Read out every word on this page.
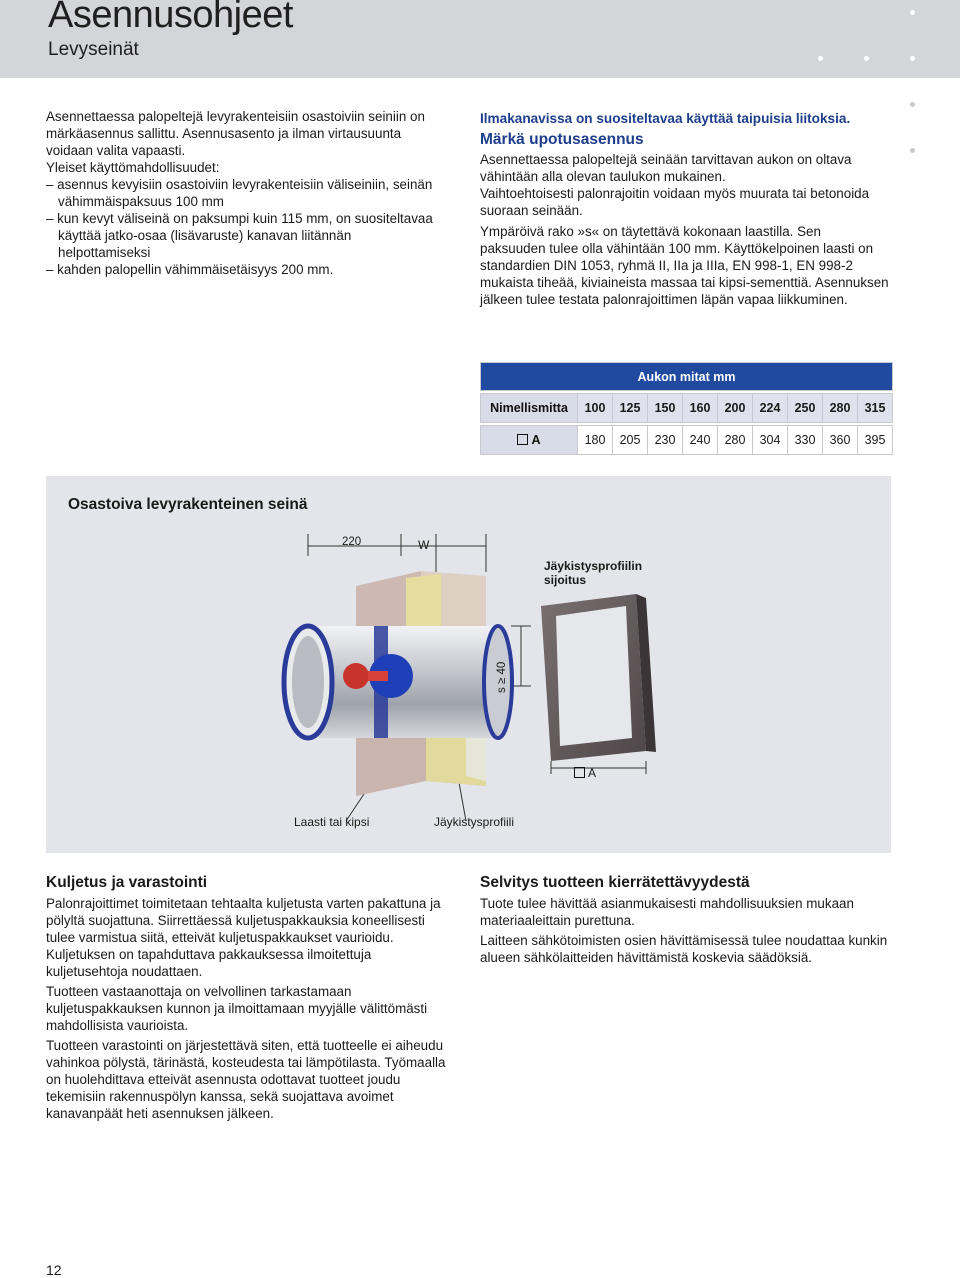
Asennusohjeet
Levyseinät

Asennettaessa palopeltejä levyrakenteisiin osastoiviin seiniin on märkäasennus sallittu. Asennusasento ja ilman virtausuunta voidaan valita vapaasti.

Yleiset käyttömahdollisuudet:

– asennus kevyisiin osastoiviin levyrakenteisiin väliseiniin, seinän vähimmäispaksuus 100 mm

– kun kevyt väliseinä on paksumpi kuin 115 mm, on suositeltavaa käyttää jatko-osaa (lisävaruste) kanavan liitännän helpottamiseksi

– kahden palopellin vähimmäisetäisyys 200 mm.

Ilmakanavissa on suositeltavaa käyttää taipuisia liitoksia.

Märkä upotusasennus

Asennettaessa palopeltejä seinään tarvittavan aukon on oltava vähintään alla olevan taulukon mukainen.

Vaihtoehtoisesti palonrajoitin voidaan myös muurata tai betonoida suoraan seinään.

Ympäröivä rako »s« on täytettävä kokonaan laastilla. Sen paksuuden tulee olla vähintään 100 mm. Käyttökelpoinen laasti on standardien DIN 1053, ryhmä II, IIa ja IIIa, EN 998-1, EN 998-2 mukaista tiheää, kiviaineista massaa tai kipsi-sementtiä. Asennuksen jälkeen tulee testata palonrajoittimen läpän vapaa liikkuminen.

Aukon mitat mm									

Nimellismitta	100	125	150	160	200	224	250	280	315

A	180	205	230	240	280	304	330	360	395
Osastoiva levyrakenteinen seinä
220	W
Jäykistysprofiilin
sijoitus
s ≥ 40
A
Laasti tai kipsi	Jäykistysprofiili

Kuljetus ja varastointi

Palonrajoittimet toimitetaan tehtaalta kuljetusta varten pakattuna ja pölyltä suojattuna. Siirrettäessä kuljetuspakkauksia koneellisesti tulee varmistua siitä, etteivät kuljetuspakkaukset vaurioidu. Kuljetuksen on tapahduttava pakkauksessa ilmoitettuja kuljetusehtoja noudattaen.

Tuotteen vastaanottaja on velvollinen tarkastamaan kuljetuspakkauksen kunnon ja ilmoittamaan myyjälle välittömästi mahdollisista vaurioista.

Tuotteen varastointi on järjestettävä siten, että tuotteelle ei aiheudu vahinkoa pölystä, tärinästä, kosteudesta tai lämpötilasta. Työmaalla on huolehdittava etteivät asennusta odottavat tuotteet joudu tekemisiin rakennuspölyn kanssa, sekä suojattava avoimet kanavanpäät heti asennuksen jälkeen.

Selvitys tuotteen kierrätettävyydestä

Tuote tulee hävittää asianmukaisesti mahdollisuuksien mukaan materiaaleittain purettuna.

Laitteen sähkötoimisten osien hävittämisessä tulee noudattaa kunkin alueen sähkölaitteiden hävittämistä koskevia säädöksiä.

12
